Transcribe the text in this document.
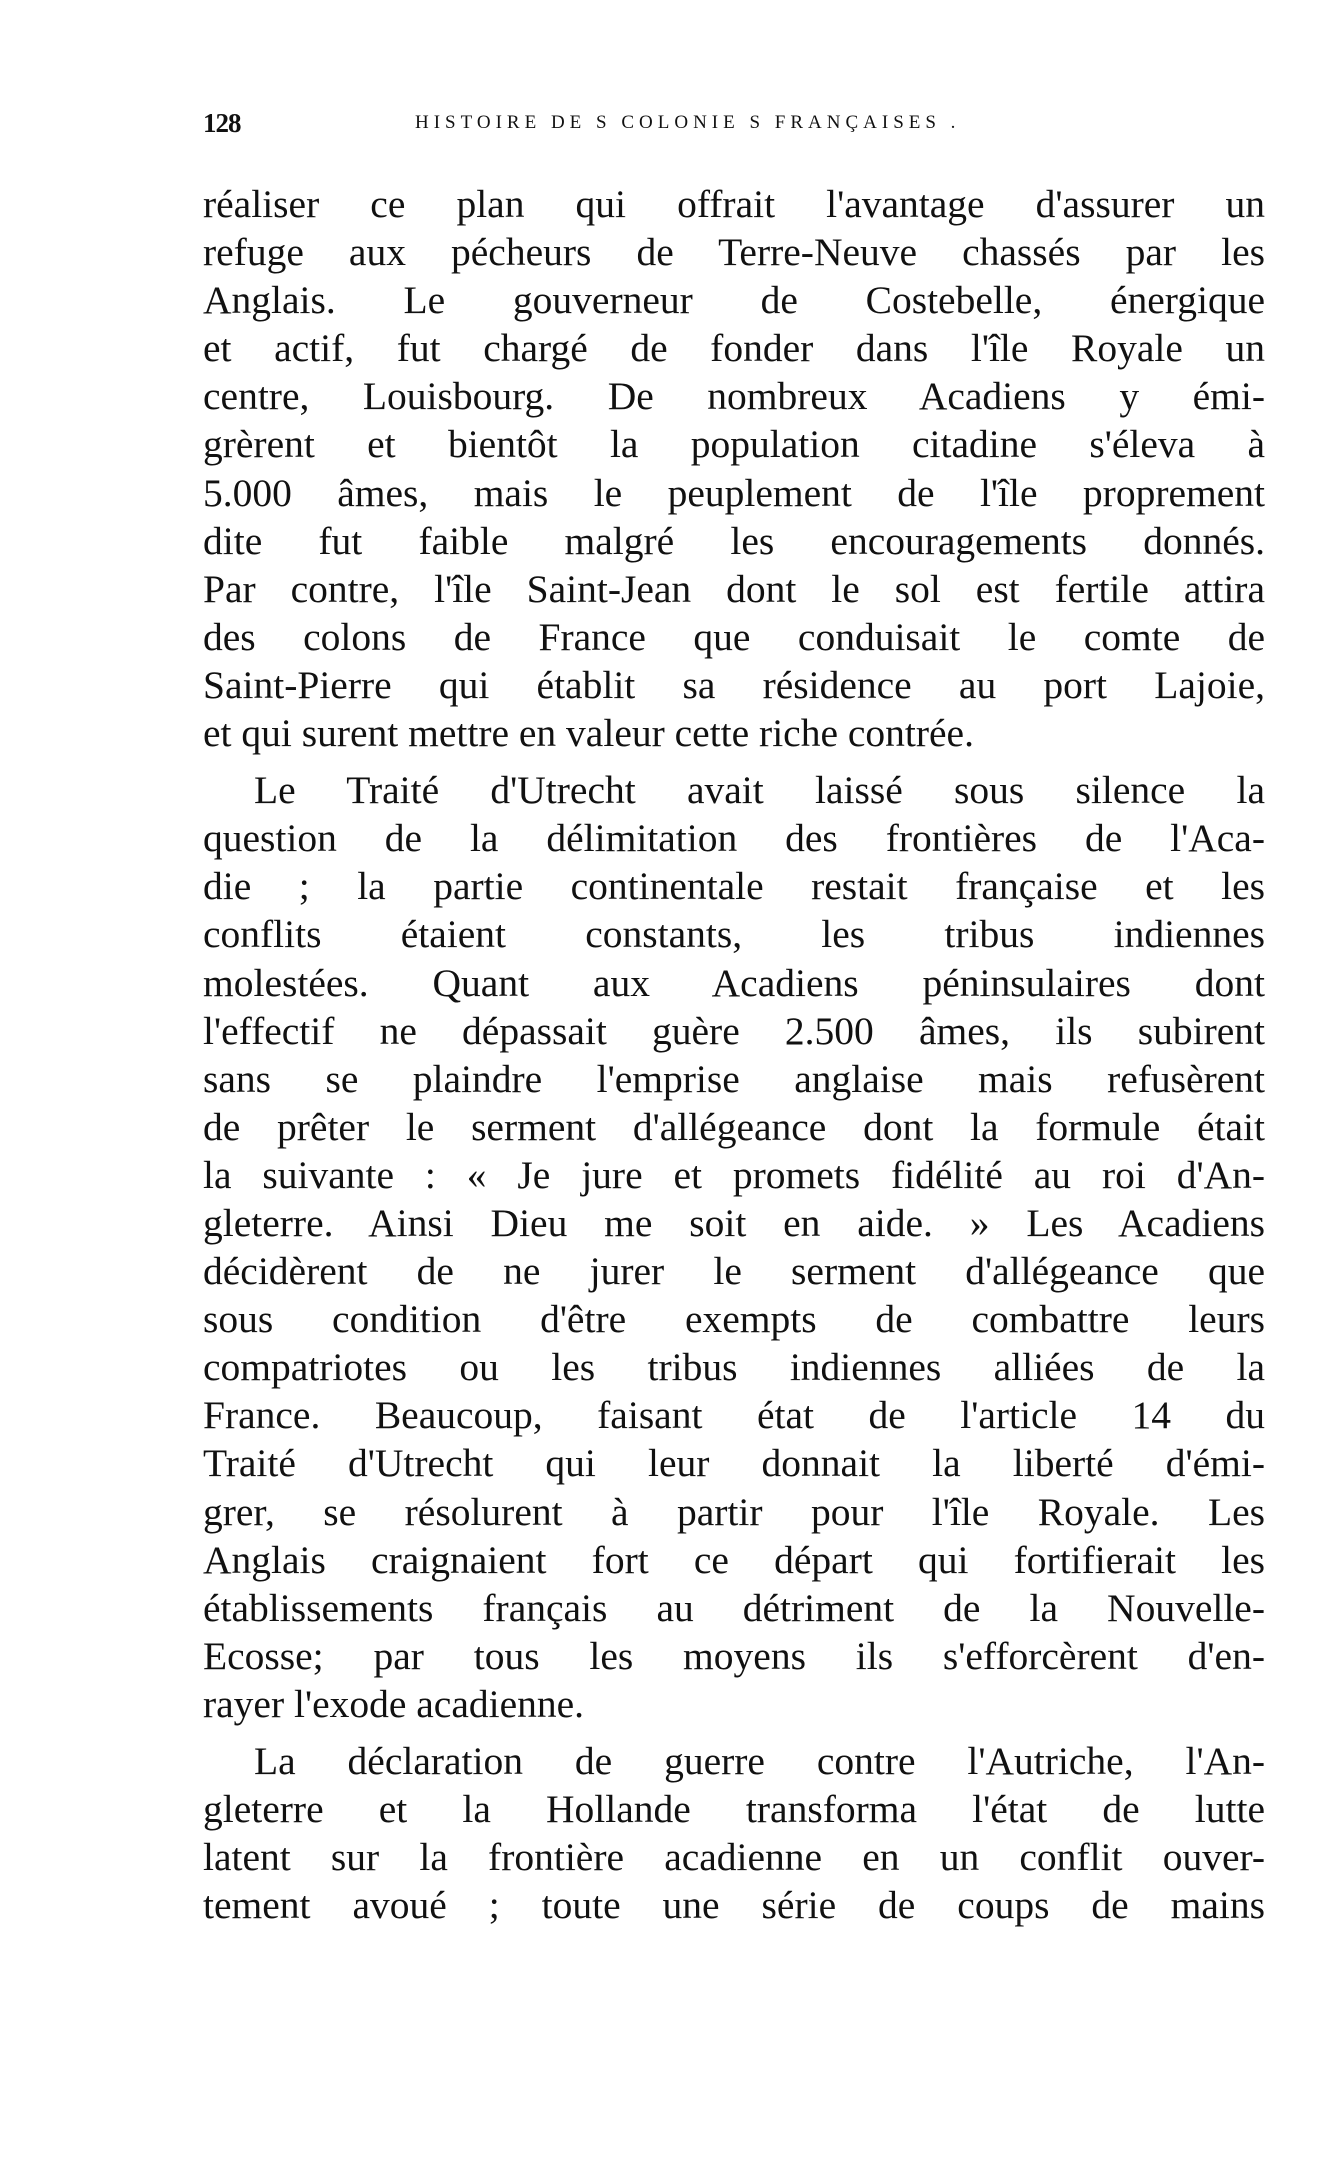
128	HISTOIRE DE S COLONIE S FRANÇAISES .
réaliser ce plan qui offrait l'avantage d'assurer un
refuge aux pécheurs de Terre-Neuve chassés par les
Anglais. Le gouverneur de Costebelle, énergique
et actif, fut chargé de fonder dans l'île Royale un
centre, Louisbourg. De nombreux Acadiens y émi-
grèrent et bientôt la population citadine s'éleva à
5.000 âmes, mais le peuplement de l'île proprement
dite fut faible malgré les encouragements donnés.
Par contre, l'île Saint-Jean dont le sol est fertile attira
des colons de France que conduisait le comte de
Saint-Pierre qui établit sa résidence au port Lajoie,
et qui surent mettre en valeur cette riche contrée.
Le Traité d'Utrecht avait laissé sous silence la
question de la délimitation des frontières de l'Aca-
die ; la partie continentale restait française et les
conflits étaient constants, les tribus indiennes
molestées. Quant aux Acadiens péninsulaires dont
l'effectif ne dépassait guère 2.500 âmes, ils subirent
sans se plaindre l'emprise anglaise mais refusèrent
de prêter le serment d'allégeance dont la formule était
la suivante : « Je jure et promets fidélité au roi d'An-
gleterre. Ainsi Dieu me soit en aide. » Les Acadiens
décidèrent de ne jurer le serment d'allégeance que
sous condition d'être exempts de combattre leurs
compatriotes ou les tribus indiennes alliées de la
France. Beaucoup, faisant état de l'article 14 du
Traité d'Utrecht qui leur donnait la liberté d'émi-
grer, se résolurent à partir pour l'île Royale. Les
Anglais craignaient fort ce départ qui fortifierait les
établissements français au détriment de la Nouvelle-
Ecosse; par tous les moyens ils s'efforcèrent d'en-
rayer l'exode acadienne.
La déclaration de guerre contre l'Autriche, l'An-
gleterre et la Hollande transforma l'état de lutte
latent sur la frontière acadienne en un conflit ouver-
tement avoué ; toute une série de coups de mains
